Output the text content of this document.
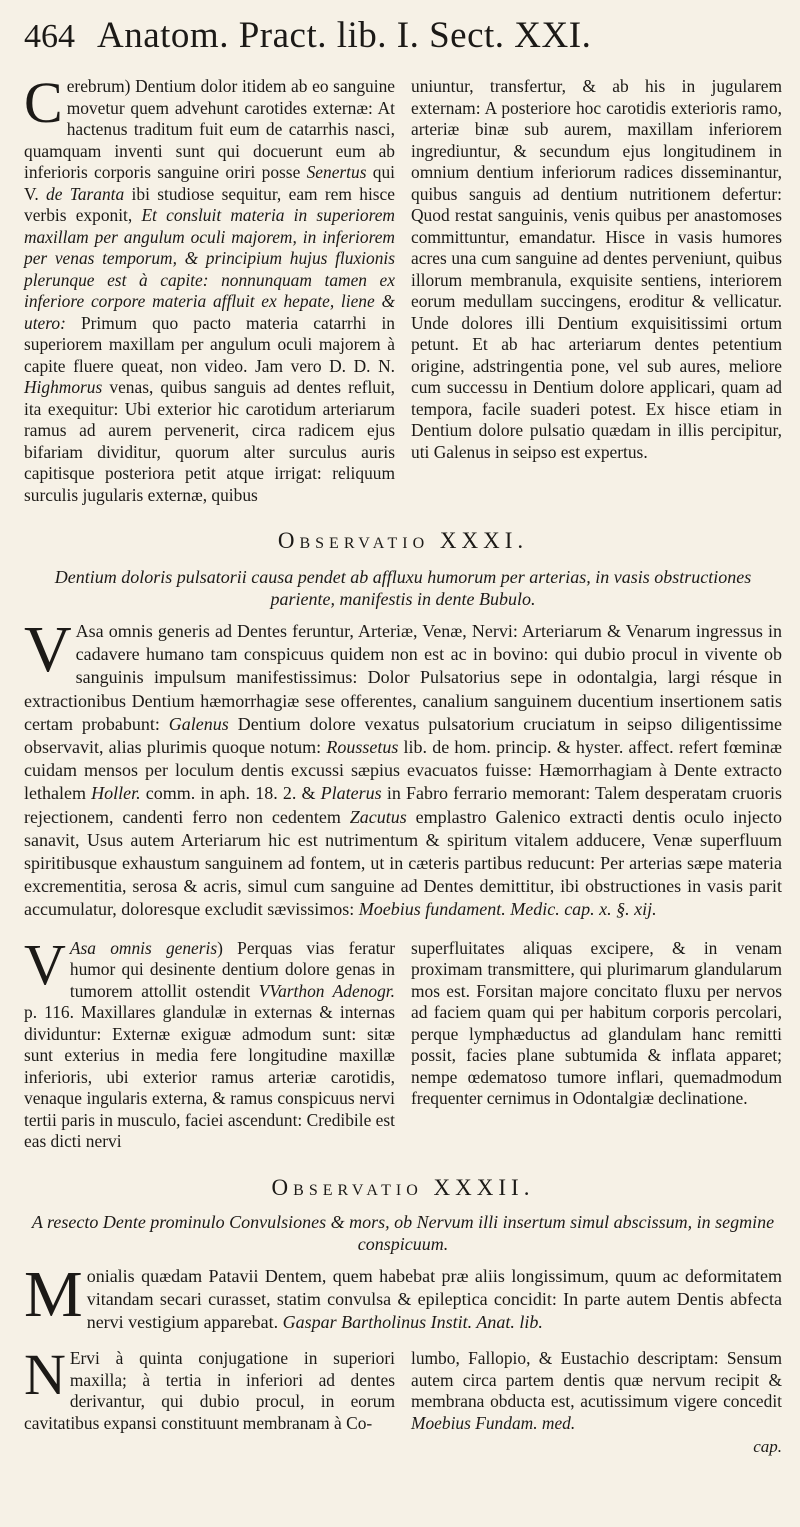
464 Anatom. Pract. lib. I. Sect. XXI.

Cerebrum) Dentium dolor itidem ab eo sanguine movetur quem advehunt carotides externæ: At hactenus traditum fuit eum de catarrhis nasci, quamquam inventi sunt qui docuerunt eum ab inferioris corporis sanguine oriri posse Senertus qui V. de Taranta ibi studiose sequitur, eam rem hisce verbis exponit, Et consluit materia in superiorem maxillam per angulum oculi majorem, in inferiorem per venas temporum, & principium hujus fluxionis plerunque est à capite: nonnunquam tamen ex inferiore corpore materia affluit ex hepate, liene & utero: Primum quo pacto materia catarrhi in superiorem maxillam per angulum oculi majorem à capite fluere queat, non video. Jam vero D. D. N. Highmorus venas, quibus sanguis ad dentes refluit, ita exequitur: Ubi exterior hic carotidum arteriarum ramus ad aurem pervenerit, circa radicem ejus bifariam dividitur, quorum alter surculus auris capitisque posteriora petit atque irrigat: reliquum surculis jugularis externæ, quibus

uniuntur, transfertur, & ab his in jugularem externam: A posteriore hoc carotidis exterioris ramo, arteriæ binæ sub aurem, maxillam inferiorem ingrediuntur, & secundum ejus longitudinem in omnium dentium inferiorum radices disseminantur, quibus sanguis ad dentium nutritionem defertur: Quod restat sanguinis, venis quibus per anastomoses committuntur, emandatur. Hisce in vasis humores acres una cum sanguine ad dentes perveniunt, quibus illorum membranula, exquisite sentiens, interiorem eorum medullam succingens, eroditur & vellicatur. Unde dolores illi Dentium exquisitissimi ortum petunt. Et ab hac arteriarum dentes petentium origine, adstringentia pone, vel sub aures, meliore cum successu in Dentium dolore applicari, quam ad tempora, facile suaderi potest. Ex hisce etiam in Dentium dolore pulsatio quædam in illis percipitur, uti Galenus in seipso est expertus.

Observatio XXXI.

Dentium doloris pulsatorii causa pendet ab affluxu humorum per arterias, in vasis obstructiones pariente, manifestis in dente Bubulo.

V Asa omnis generis ad Dentes feruntur, Arteriæ, Venæ, Nervi: Arteriarum & Venarum ingressus in cadavere humano tam conspicuus quidem non est ac in bovino: qui dubio procul in vivente ob sanguinis impulsum manifestissimus: Dolor Pulsatorius sepe in odontalgia, largi résque in extractionibus Dentium hæmorrhagiæ sese offerentes, canalium sanguinem ducentium insertionem satis certam probabunt: Galenus Dentium dolore vexatus pulsatorium cruciatum in seipso diligentissime observavit, alias plurimis quoque notum: Roussetus lib. de hom. princip. & hyster. affect. refert fœminæ cuidam mensos per loculum dentis excussi sæpius evacuatos fuisse: Hæmorrhagiam à Dente extracto lethalem Holler. comm. in aph. 18. 2. & Platerus in Fabro ferrario memorant: Talem desperatam cruoris rejectionem, candenti ferro non cedentem Zacutus emplastro Galenico extracti dentis oculo injecto sanavit, Usus autem Arteriarum hic est nutrimentum & spiritum vitalem adducere, Venæ superfluum spiritibusque exhaustum sanguinem ad fontem, ut in cæteris partibus reducunt: Per arterias sæpe materia excrementitia, serosa & acris, simul cum sanguine ad Dentes demittitur, ibi obstructiones in vasis parit accumulatur, doloresque excludit sævissimos: Moebius fundament. Medic. cap. x. §. xij.

V Asa omnis generis) Perquas vias feratur humor qui desinente dentium dolore genas in tumorem attollit ostendit VVarthon Adenogr. p. 116. Maxillares glandulæ in externas & internas dividuntur: Externæ exiguæ admodum sunt: sitæ sunt exterius in media fere longitudine maxillæ inferioris, ubi exterior ramus arteriæ carotidis, venaque ingularis externa, & ramus conspicuus nervi tertii paris in musculo, faciei ascendunt: Credibile est eas dicti nervi

superfluitates aliquas excipere, & in venam proximam transmittere, qui plurimarum glandularum mos est. Forsitan majore concitato fluxu per nervos ad faciem quam qui per habitum corporis percolari, perque lymphæductus ad glandulam hanc remitti possit, facies plane subtumida & inflata apparet; nempe œdematoso tumore inflari, quemadmodum frequenter cernimus in Odontalgiæ declinatione.

Observatio XXXII.

A resecto Dente prominulo Convulsiones & mors, ob Nervum illi insertum simul abscissum, in segmine conspicuum.

Monialis quædam Patavii Dentem, quem habebat præ aliis longissimum, quum ac deformitatem vitandam secari curasset, statim convulsa & epileptica concidit: In parte autem Dentis abfecta nervi vestigium apparebat. Gaspar Bartholinus Instit. Anat. lib.

N Ervi à quinta conjugatione in superiori maxilla; à tertia in inferiori ad dentes derivantur, qui dubio procul, in eorum cavitatibus expansi constituunt membranam à Co-

lumbo, Fallopio, & Eustachio descriptam: Sensum autem circa partem dentis quæ nervum recipit & membrana obducta est, acutissimum vigere concedit Moebius Fundam. med.

cap.
